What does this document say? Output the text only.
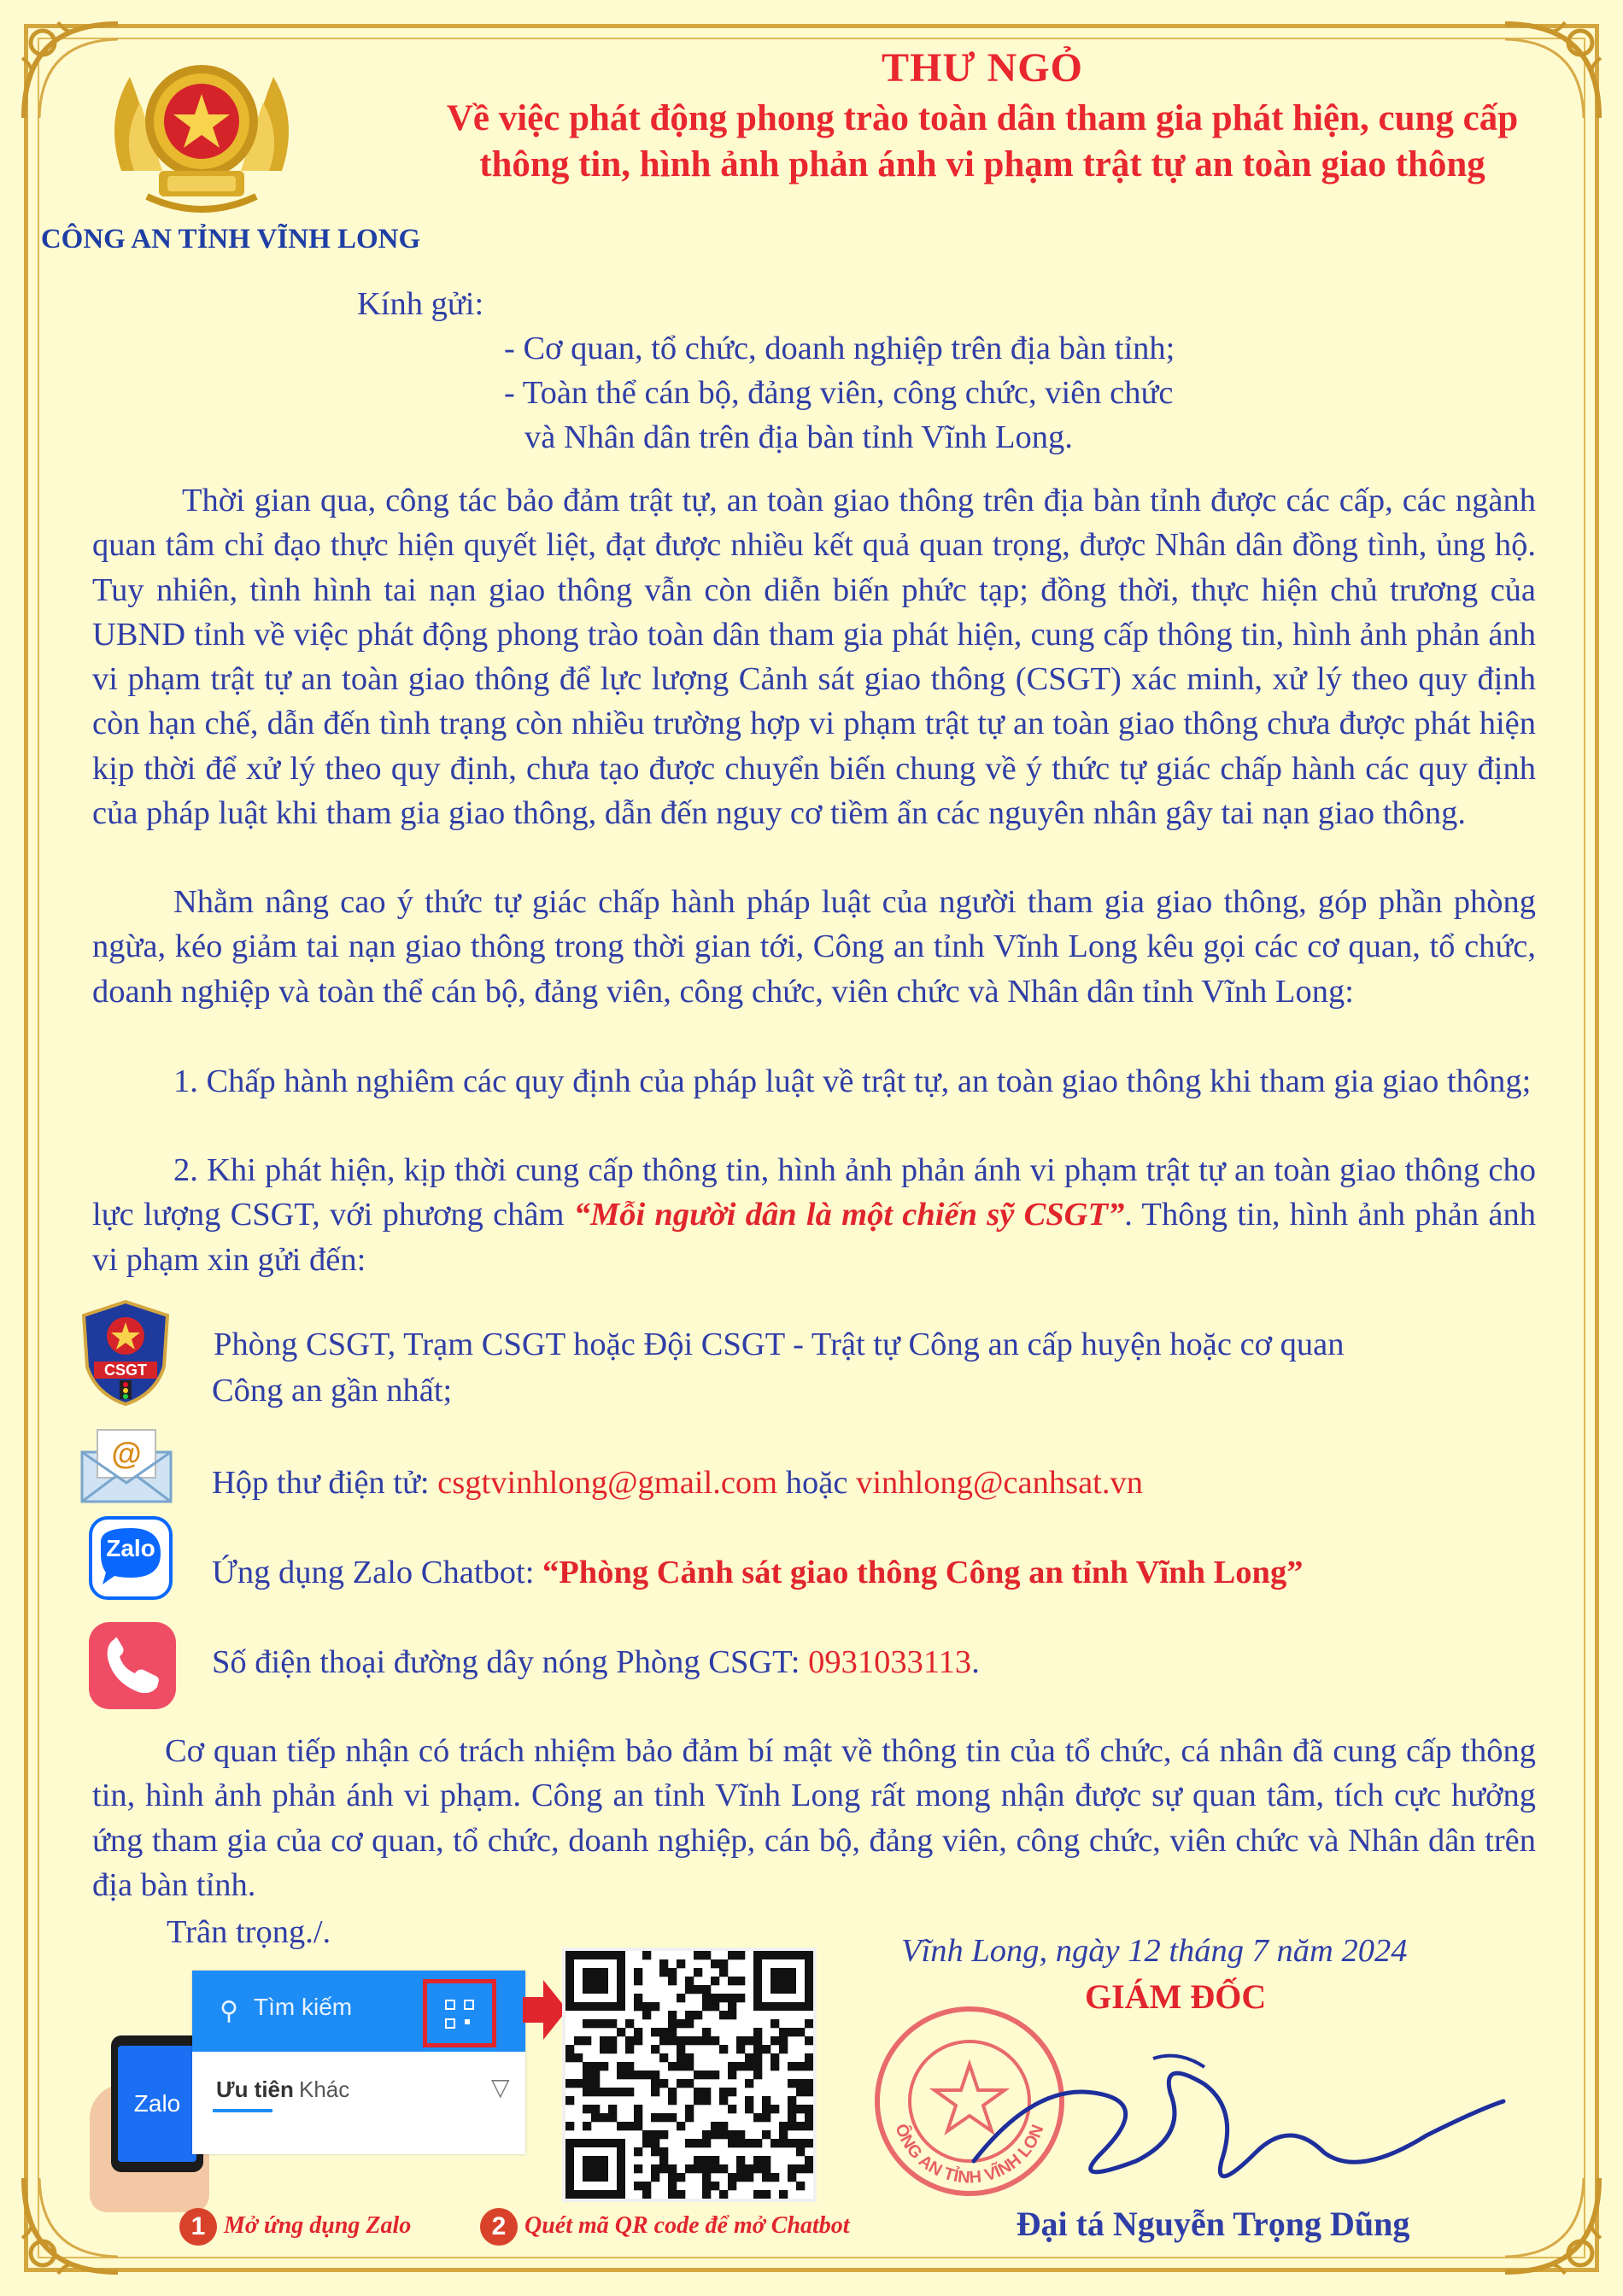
CÔNG AN TỈNH VĨNH LONG
THƯ NGỎ
Về việc phát động phong trào toàn dân tham gia phát hiện, cung cấp
thông tin, hình ảnh phản ánh vi phạm trật tự an toàn giao thông
Kính gửi:
- Cơ quan, tổ chức, doanh nghiệp trên địa bàn tỉnh;
- Toàn thể cán bộ, đảng viên, công chức, viên chức
và Nhân dân trên địa bàn tỉnh Vĩnh Long.
Thời gian qua, công tác bảo đảm trật tự, an toàn giao thông trên địa bàn tỉnh được các cấp, các ngành quan tâm chỉ đạo thực hiện quyết liệt, đạt được nhiều kết quả quan trọng, được Nhân dân đồng tình, ủng hộ. Tuy nhiên, tình hình tai nạn giao thông vẫn còn diễn biến phức tạp; đồng thời, thực hiện chủ trương của UBND tỉnh về việc phát động phong trào toàn dân tham gia phát hiện, cung cấp thông tin, hình ảnh phản ánh vi phạm trật tự an toàn giao thông để lực lượng Cảnh sát giao thông (CSGT) xác minh, xử lý theo quy định còn hạn chế, dẫn đến tình trạng còn nhiều trường hợp vi phạm trật tự an toàn giao thông chưa được phát hiện kịp thời để xử lý theo quy định, chưa tạo được chuyển biến chung về ý thức tự giác chấp hành các quy định của pháp luật khi tham gia giao thông, dẫn đến nguy cơ tiềm ẩn các nguyên nhân gây tai nạn giao thông.
Nhằm nâng cao ý thức tự giác chấp hành pháp luật của người tham gia giao thông, góp phần phòng ngừa, kéo giảm tai nạn giao thông trong thời gian tới, Công an tỉnh Vĩnh Long kêu gọi các cơ quan, tổ chức, doanh nghiệp và toàn thể cán bộ, đảng viên, công chức, viên chức và Nhân dân tỉnh Vĩnh Long:
1. Chấp hành nghiêm các quy định của pháp luật về trật tự, an toàn giao thông khi tham gia giao thông;
2. Khi phát hiện, kịp thời cung cấp thông tin, hình ảnh phản ánh vi phạm trật tự an toàn giao thông cho lực lượng CSGT, với phương châm “Mỗi người dân là một chiến sỹ CSGT”. Thông tin, hình ảnh phản ánh vi phạm xin gửi đến:
CSGT
Phòng CSGT, Trạm CSGT hoặc Đội CSGT - Trật tự Công an cấp huyện hoặc cơ quan
Công an gần nhất;
@
Hộp thư điện tử: csgtvinhlong@gmail.com hoặc vinhlong@canhsat.vn
Zalo
Ứng dụng Zalo Chatbot: “Phòng Cảnh sát giao thông Công an tỉnh Vĩnh Long”
Số điện thoại đường dây nóng Phòng CSGT: 0931033113.
Cơ quan tiếp nhận có trách nhiệm bảo đảm bí mật về thông tin của tổ chức, cá nhân đã cung cấp thông tin, hình ảnh phản ánh vi phạm. Công an tỉnh Vĩnh Long rất mong nhận được sự quan tâm, tích cực hưởng ứng tham gia của cơ quan, tổ chức, doanh nghiệp, cán bộ, đảng viên, công chức, viên chức và Nhân dân trên địa bàn tỉnh.
Trân trọng./.
Zalo
⚲ Tìm kiếm
Ưu tiên Khác	▽
1 Mở ứng dụng Zalo	2 Quét mã QR code để mở Chatbot
Vĩnh Long, ngày 12 tháng 7 năm 2024
GIÁM ĐỐC
ÔNG AN TỈNH VĨNH LON
Đại tá Nguyễn Trọng Dũng
